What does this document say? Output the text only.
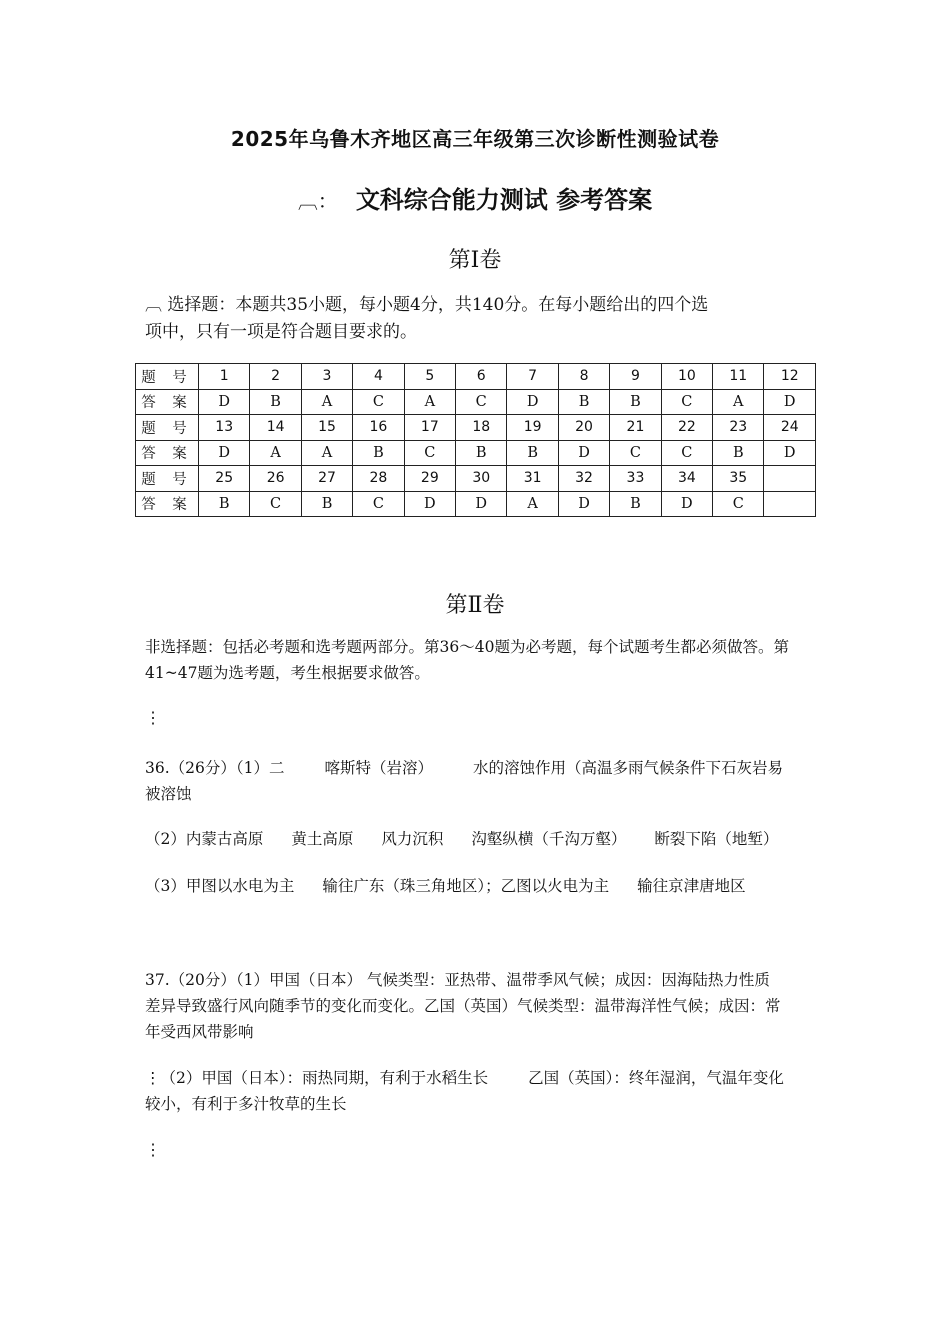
2025年乌鲁木齐地区高三年级第三次诊断性测验试卷
︹： 文科综合能力测试 参考答案
第Ⅰ卷
︹ 选择题：本题共35小题，每小题4分，共140分。在每小题给出的四个选
项中，只有一项是符合题目要求的。
题 号	1	2	3	4	5	6	7	8	9	10	11	12
答 案	D	B	A	C	A	C	D	B	B	C	A	D
题 号	13	14	15	16	17	18	19	20	21	22	23	24
答 案	D	A	A	B	C	B	B	D	C	C	B	D
题 号	25	26	27	28	29	30	31	32	33	34	35	
答 案	B	C	B	C	D	D	A	D	B	D	C	
第Ⅱ卷
非选择题：包括必考题和选考题两部分。第36～40题为必考题，每个试题考生都必须做答。第
41~47题为选考题，考生根据要求做答。
⋮
36.（26分）（1）二	喀斯特（岩溶）	水的溶蚀作用（高温多雨气候条件下石灰岩易
被溶蚀
（2）内蒙古高原 黄土高原 风力沉积 沟壑纵横（千沟万壑） 断裂下陷（地堑）
（3）甲图以水电为主 输往广东（珠三角地区）；乙图以火电为主 输往京津唐地区
37.（20分）（1）甲国（日本） 气候类型：亚热带、温带季风气候；成因：因海陆热力性质
差异导致盛行风向随季节的变化而变化。乙国（英国）气候类型：温带海洋性气候；成因：常
年受西风带影响
⋮（2）甲国（日本）：雨热同期，有利于水稻生长	乙国（英国）：终年湿润，气温年变化
较小，有利于多汁牧草的生长
⋮
